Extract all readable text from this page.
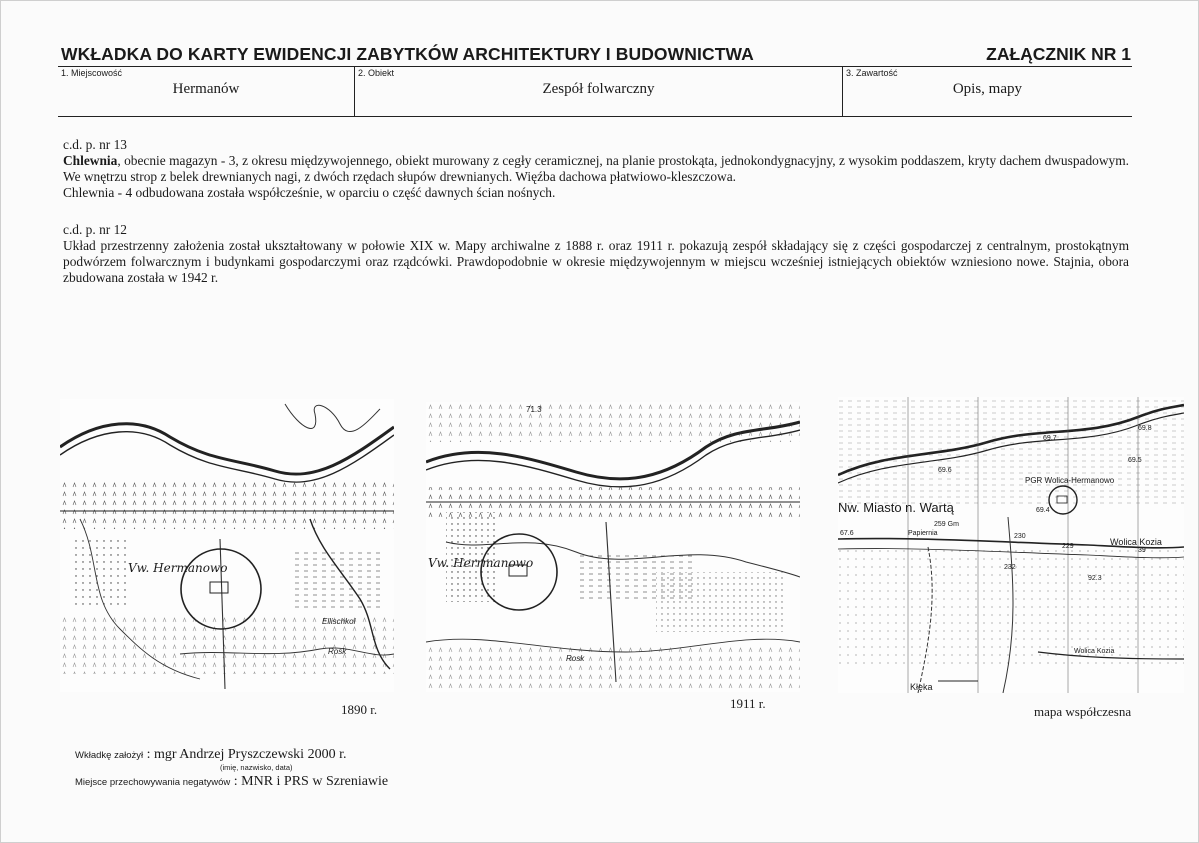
WKŁADKA DO KARTY EWIDENCJI ZABYTKÓW ARCHITEKTURY I BUDOWNICTWA	ZAŁĄCZNIK NR 1
1. Miejscowość
Hermanów
2. Obiekt
Zespół folwarczny
3. Zawartość
Opis, mapy

c.d. p. nr 13

Chlewnia, obecnie magazyn - 3, z okresu międzywojennego, obiekt murowany z cegły ceramicznej, na planie prostokąta, jednokondygnacyjny, z wysokim poddaszem, kryty dachem dwuspadowym. We wnętrzu strop z belek drewnianych nagi, z dwóch rzędach słupów drewnianych. Więźba dachowa płatwiowo-kleszczowa.

Chlewnia - 4 odbudowana została współcześnie, w oparciu o część dawnych ścian nośnych.

c.d. p. nr 12

Układ przestrzenny założenia został ukształtowany w połowie XIX w. Mapy archiwalne z 1888 r. oraz 1911 r. pokazują zespół składający się z części gospodarczej z centralnym, prostokątnym podwórzem folwarcznym i budynkami gospodarczymi oraz rządcówki. Prawdopodobnie w okresie międzywojennym w miejscu wcześniej istniejących obiektów wzniesiono nowe. Stajnia, obora zbudowana została w 1942 r.

Vw. Hermanowo
Rosk
Ellischkol
Vw. Herrmanowo
Rosk
71.3
Nw. Miasto n. Wartą
PGR Wolica-Hermanowo
Wolica Kozia
Kłęka
Papiernia
259 Gm
Wolica Kozia
69.6
69.5
69.4
67.6	230
229
39
232
92.3
69.7
69.8
1890 r.	1911 r.
mapa współczesna
Wkładkę założył : mgr Andrzej Pryszczewski 2000 r.
(imię, nazwisko, data)
Miejsce przechowywania negatywów : MNR i PRS w Szreniawie
